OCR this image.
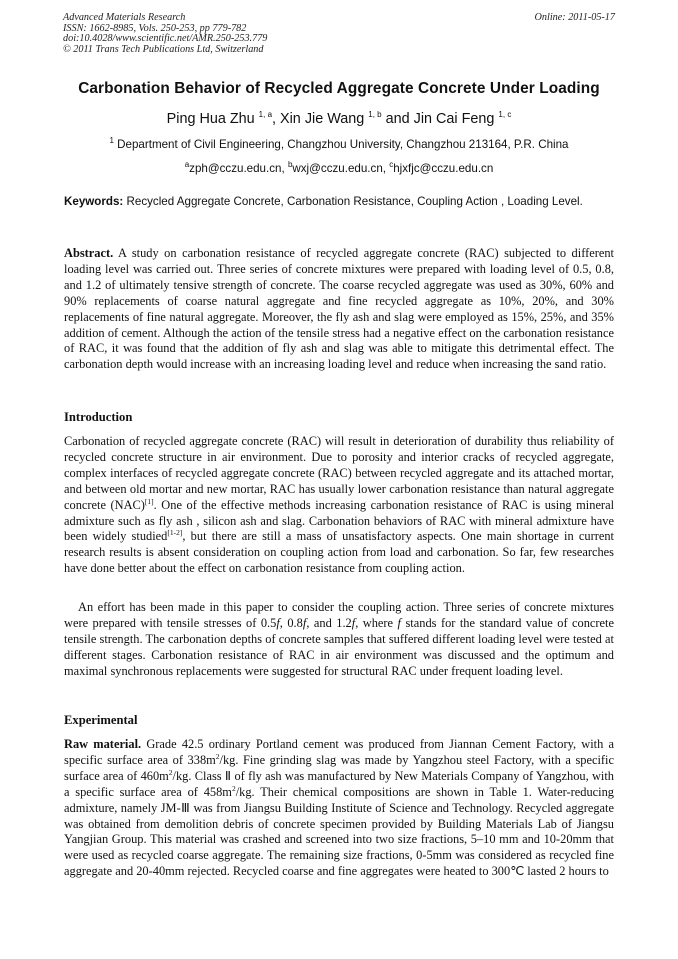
Advanced Materials Research
ISSN: 1662-8985, Vols. 250-253, pp 779-782
doi:10.4028/www.scientific.net/AMR.250-253.779
© 2011 Trans Tech Publications Ltd, Switzerland
Online: 2011-05-17
Carbonation Behavior of Recycled Aggregate Concrete Under Loading
Ping Hua Zhu $^{1, a}$, Xin Jie Wang $^{1, b}$ and Jin Cai Feng $^{1, c}$
$^1$ Department of Civil Engineering, Changzhou University, Changzhou 213164, P.R. China
$^a$zph@cczu.edu.cn, $^b$wxj@cczu.edu.cn, $^c$hjxfjc@cczu.edu.cn
Keywords: Recycled Aggregate Concrete, Carbonation Resistance, Coupling Action , Loading Level.
Abstract. A study on carbonation resistance of recycled aggregate concrete (RAC) subjected to different loading level was carried out. Three series of concrete mixtures were prepared with loading level of 0.5, 0.8, and 1.2 of ultimately tensive strength of concrete. The coarse recycled aggregate was used as 30%, 60% and 90% replacements of coarse natural aggregate and fine recycled aggregate as 10%, 20%, and 30% replacements of fine natural aggregate. Moreover, the fly ash and slag were employed as 15%, 25%, and 35% addition of cement. Although the action of the tensile stress had a negative effect on the carbonation resistance of RAC, it was found that the addition of fly ash and slag was able to mitigate this detrimental effect. The carbonation depth would increase with an increasing loading level and reduce when increasing the sand ratio.
Introduction
Carbonation of recycled aggregate concrete (RAC) will result in deterioration of durability thus reliability of recycled concrete structure in air environment. Due to porosity and interior cracks of recycled aggregate, complex interfaces of recycled aggregate concrete (RAC) between recycled aggregate and its attached mortar, and between old mortar and new mortar, RAC has usually lower carbonation resistance than natural aggregate concrete (NAC)[1]. One of the effective methods increasing carbonation resistance of RAC is using mineral admixture such as fly ash , silicon ash and slag. Carbonation behaviors of RAC with mineral admixture have been widely studied[1-2], but there are still a mass of unsatisfactory aspects. One main shortage in current research results is absent consideration on coupling action from load and carbonation. So far, few researches have done better about the effect on carbonation resistance from coupling action.
An effort has been made in this paper to consider the coupling action. Three series of concrete mixtures were prepared with tensile stresses of 0.5f, 0.8f, and 1.2f, where f stands for the standard value of concrete tensile strength. The carbonation depths of concrete samples that suffered different loading level were tested at different stages. Carbonation resistance of RAC in air environment was discussed and the optimum and maximal synchronous replacements were suggested for structural RAC under frequent loading level.
Experimental
Raw material. Grade 42.5 ordinary Portland cement was produced from Jiannan Cement Factory, with a specific surface area of 338m$^2$/kg. Fine grinding slag was made by Yangzhou steel Factory, with a specific surface area of 460m$^2$/kg. Class Ⅱ of fly ash was manufactured by New Materials Company of Yangzhou, with a specific surface area of 458m$^2$/kg. Their chemical compositions are shown in Table 1. Water-reducing admixture, namely JM-Ⅲ was from Jiangsu Building Institute of Science and Technology. Recycled aggregate was obtained from demolition debris of concrete specimen provided by Building Materials Lab of Jiangsu Yangjian Group. This material was crashed and screened into two size fractions, 5–10 mm and 10-20mm that were used as recycled coarse aggregate. The remaining size fractions, 0-5mm was considered as recycled fine aggregate and 20-40mm rejected. Recycled coarse and fine aggregates were heated to 300℃ lasted 2 hours to
